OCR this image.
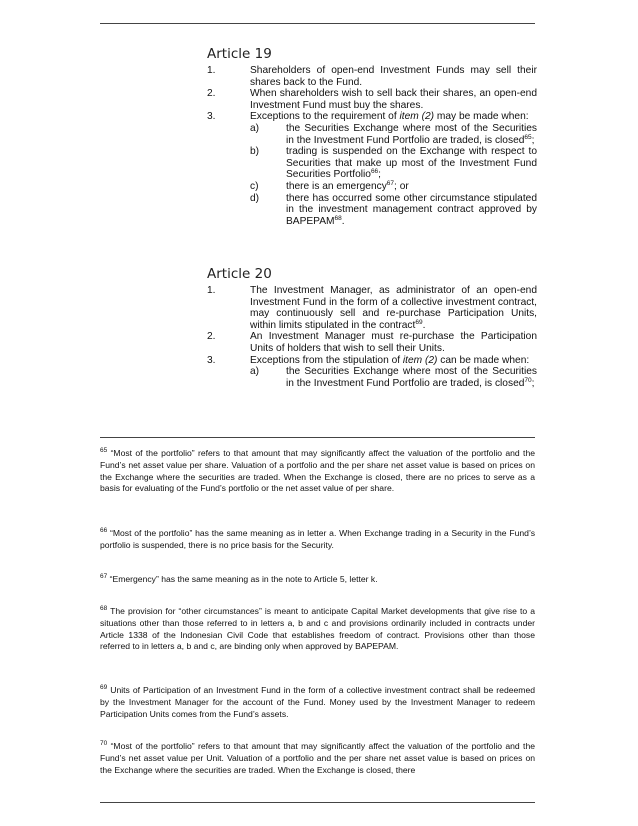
Article 19
1.	Shareholders of open-end Investment Funds may sell their shares back to the Fund.
2.	When shareholders wish to sell back their shares, an open-end Investment Fund must buy the shares.
3.	Exceptions to the requirement of item (2) may be made when:
a)	the Securities Exchange where most of the Securities in the Investment Fund Portfolio are traded, is closed$^{65}$;
b)	trading is suspended on the Exchange with respect to Securities that make up most of the Investment Fund Securities Portfolio$^{66}$;
c)	there is an emergency$^{67}$; or
d)	there has occurred some other circumstance stipulated in the investment management contract approved by BAPEPAM$^{68}$.
Article 20
1.	The Investment Manager, as administrator of an open-end Investment Fund in the form of a collective investment contract, may continuously sell and re-purchase Participation Units, within limits stipulated in the contract$^{69}$.
2.	An Investment Manager must re-purchase the Participation Units of holders that wish to sell their Units.
3.	Exceptions from the stipulation of item (2) can be made when:
a)	the Securities Exchange where most of the Securities in the Investment Fund Portfolio are traded, is closed$^{70}$;
$^{65}$ “Most of the portfolio” refers to that amount that may significantly affect the valuation of the portfolio and the Fund’s net asset value per share. Valuation of a portfolio and the per share net asset value is based on prices on the Exchange where the securities are traded. When the Exchange is closed, there are no prices to serve as a basis for evaluating of the Fund’s portfolio or the net asset value of per share.
$^{66}$ “Most of the portfolio” has the same meaning as in letter a. When Exchange trading in a Security in the Fund’s portfolio is suspended, there is no price basis for the Security.
$^{67}$ “Emergency” has the same meaning as in the note to Article 5, letter k.
$^{68}$ The provision for “other circumstances” is meant to anticipate Capital Market developments that give rise to a situations other than those referred to in letters a, b and c and provisions ordinarily included in contracts under Article 1338 of the Indonesian Civil Code that establishes freedom of contract. Provisions other than those referred to in letters a, b and c, are binding only when approved by BAPEPAM.
$^{69}$ Units of Participation of an Investment Fund in the form of a collective investment contract shall be redeemed by the Investment Manager for the account of the Fund. Money used by the Investment Manager to redeem Participation Units comes from the Fund’s assets.
$^{70}$ “Most of the portfolio” refers to that amount that may significantly affect the valuation of the portfolio and the Fund’s net asset value per Unit. Valuation of a portfolio and the per share net asset value is based on prices on the Exchange where the securities are traded. When the Exchange is closed, there
